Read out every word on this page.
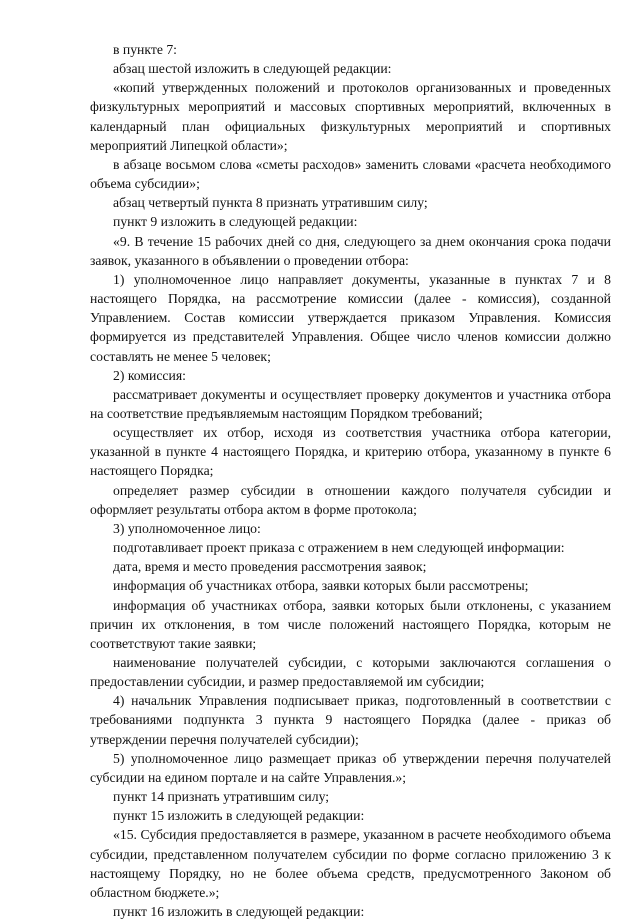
в пункте 7:

абзац шестой изложить в следующей редакции:

«копий утвержденных положений и протоколов организованных и проведенных физкультурных мероприятий и массовых спортивных мероприятий, включенных в календарный план официальных физкультурных мероприятий и спортивных мероприятий Липецкой области»;

в абзаце восьмом слова «сметы расходов» заменить словами «расчета необходимого объема субсидии»;

абзац четвертый пункта 8 признать утратившим силу;

пункт 9 изложить в следующей редакции:

«9. В течение 15 рабочих дней со дня, следующего за днем окончания срока подачи заявок, указанного в объявлении о проведении отбора:

1) уполномоченное лицо направляет документы, указанные в пунктах 7 и 8 настоящего Порядка, на рассмотрение комиссии (далее - комиссия), созданной Управлением. Состав комиссии утверждается приказом Управления. Комиссия формируется из представителей Управления. Общее число членов комиссии должно составлять не менее 5 человек;

2) комиссия:

рассматривает документы и осуществляет проверку документов и участника отбора на соответствие предъявляемым настоящим Порядком требований;

осуществляет их отбор, исходя из соответствия участника отбора категории, указанной в пункте 4 настоящего Порядка, и критерию отбора, указанному в пункте 6 настоящего Порядка;

определяет размер субсидии в отношении каждого получателя субсидии и оформляет результаты отбора актом в форме протокола;

3) уполномоченное лицо:

подготавливает проект приказа с отражением в нем следующей информации:

дата, время и место проведения рассмотрения заявок;

информация об участниках отбора, заявки которых были рассмотрены;

информация об участниках отбора, заявки которых были отклонены, с указанием причин их отклонения, в том числе положений настоящего Порядка, которым не соответствуют такие заявки;

наименование получателей субсидии, с которыми заключаются соглашения о предоставлении субсидии, и размер предоставляемой им субсидии;

4) начальник Управления подписывает приказ, подготовленный в соответствии с требованиями подпункта 3 пункта 9 настоящего Порядка (далее - приказ об утверждении перечня получателей субсидии);

5) уполномоченное лицо размещает приказ об утверждении перечня получателей субсидии на едином портале и на сайте Управления.»;

пункт 14 признать утратившим силу;

пункт 15 изложить в следующей редакции:

«15. Субсидия предоставляется в размере, указанном в расчете необходимого объема субсидии, представленном получателем субсидии по форме согласно приложению 3 к настоящему Порядку, но не более объема средств, предусмотренного Законом об областном бюджете.»;

пункт 16 изложить в следующей редакции:
